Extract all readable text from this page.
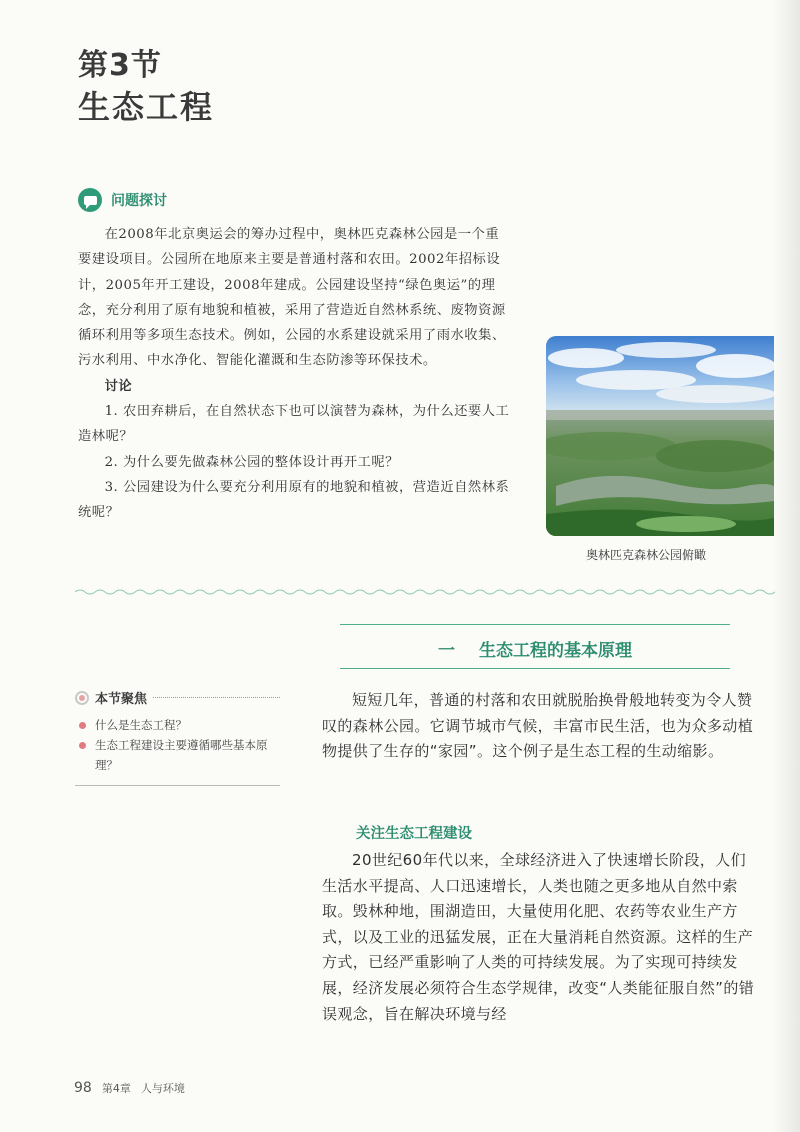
第3节
生态工程
问题探讨

在2008年北京奥运会的筹办过程中，奥林匹克森林公园是一个重要建设项目。公园所在地原来主要是普通村落和农田。2002年招标设计，2005年开工建设，2008年建成。公园建设坚持“绿色奥运”的理念，充分利用了原有地貌和植被，采用了营造近自然林系统、废物资源循环利用等多项生态技术。例如，公园的水系建设就采用了雨水收集、污水利用、中水净化、智能化灌溉和生态防渗等环保技术。

讨论

1. 农田弃耕后，在自然状态下也可以演替为森林，为什么还要人工造林呢？

2. 为什么要先做森林公园的整体设计再开工呢？

3. 公园建设为什么要充分利用原有的地貌和植被，营造近自然林系统呢？

奥林匹克森林公园俯瞰
一 生态工程的基本原理
本节聚焦
什么是生态工程？
生态工程建设主要遵循哪些基本原理？

短短几年，普通的村落和农田就脱胎换骨般地转变为令人赞叹的森林公园。它调节城市气候，丰富市民生活，也为众多动植物提供了生存的“家园”。这个例子是生态工程的生动缩影。

关注生态工程建设

20世纪60年代以来，全球经济进入了快速增长阶段，人们生活水平提高、人口迅速增长，人类也随之更多地从自然中索取。毁林种地，围湖造田，大量使用化肥、农药等农业生产方式，以及工业的迅猛发展，正在大量消耗自然资源。这样的生产方式，已经严重影响了人类的可持续发展。为了实现可持续发展，经济发展必须符合生态学规律，改变“人类能征服自然”的错误观念，旨在解决环境与经

98 第4章 人与环境
